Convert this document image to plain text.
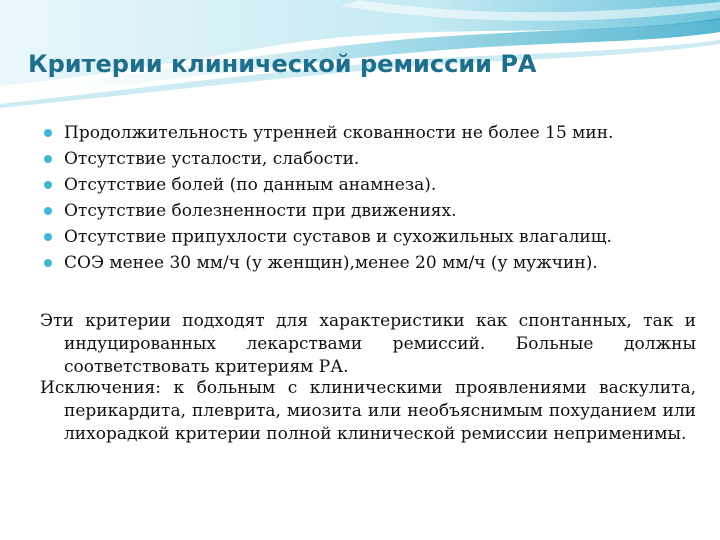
Критерии клинической ремиссии РА
Продолжительность утренней скованности не более 15 мин.
Отсутствие усталости, слабости.
Отсутствие болей (по данным анамнеза).
Отсутствие болезненности при движениях.
Отсутствие припухлости суставов и сухожильных влагалищ.
СОЭ менее 30 мм/ч (у женщин),менее 20 мм/ч (у мужчин).

Эти критерии подходят для характеристики как спонтанных, так и индуцированных лекарствами ремиссий. Больные должны соответствовать критериям РА.

Исключения: к больным с клиническими проявлениями васкулита, перикардита, плеврита, миозита или необъяснимым похуданием или лихорадкой критерии полной клинической ремиссии неприменимы.
